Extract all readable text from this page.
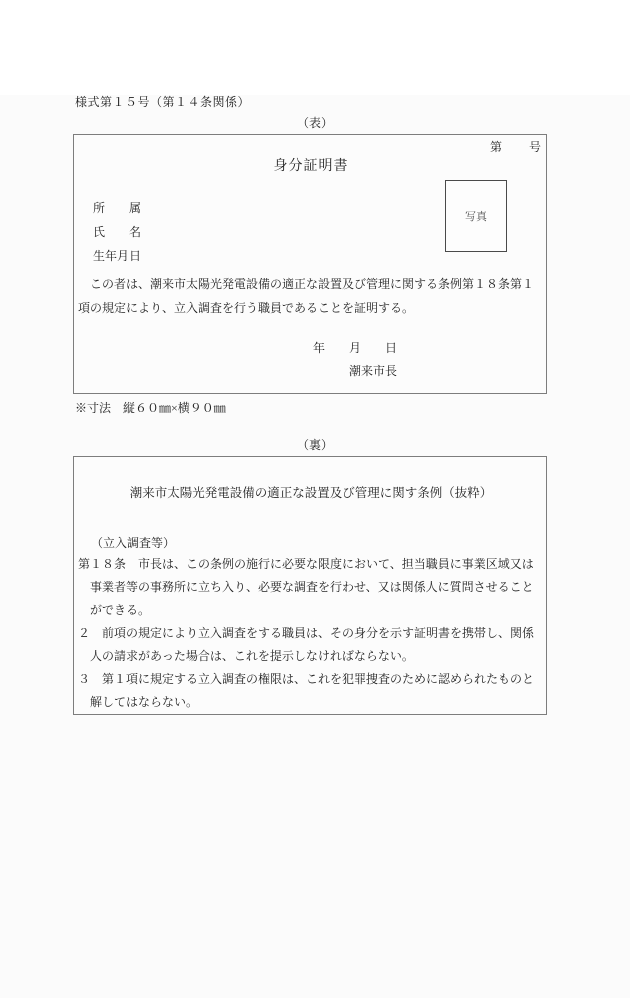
様式第１５号（第１４条関係）
（表）
第　　号
身分証明書
所　　属
氏　　名
生年月日
写真

この者は、潮来市太陽光発電設備の適正な設置及び管理に関する条例第１８条第１項の規定により、立入調査を行う職員であることを証明する。

年　　月　　日
潮来市長
※寸法　縦６０㎜×横９０㎜
（裏）
潮来市太陽光発電設備の適正な設置及び管理に関す条例（抜粋）
（立入調査等）

第１８条　市長は、この条例の施行に必要な限度において、担当職員に事業区域又は事業者等の事務所に立ち入り、必要な調査を行わせ、又は関係人に質問させることができる。

２　前項の規定により立入調査をする職員は、その身分を示す証明書を携帯し、関係人の請求があった場合は、これを提示しなければならない。

３　第１項に規定する立入調査の権限は、これを犯罪捜査のために認められたものと解してはならない。
